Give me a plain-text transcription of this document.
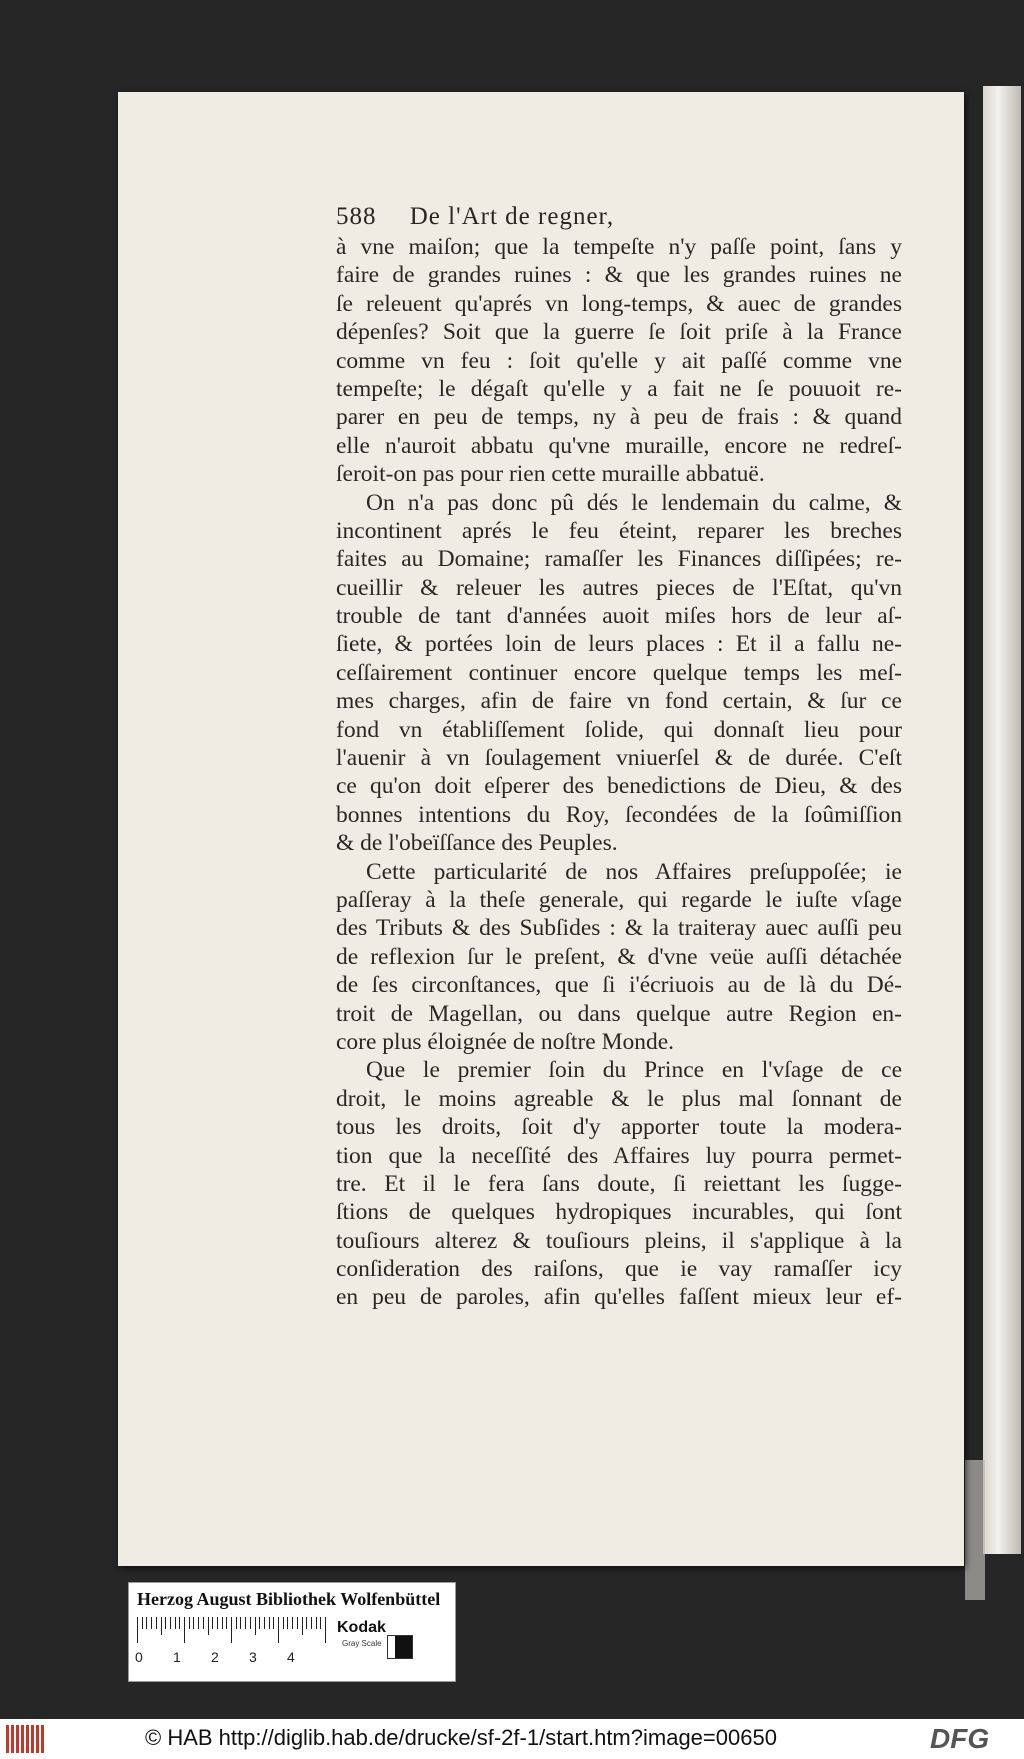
588 De l'Art de regner,
à vne maiſon; que la tempeſte n'y paſſe point, ſans y
faire de grandes ruines : & que les grandes ruines ne
ſe releuent qu'aprés vn long-temps, & auec de grandes
dépenſes? Soit que la guerre ſe ſoit priſe à la France
comme vn feu : ſoit qu'elle y ait paſſé comme vne
tempeſte; le dégaſt qu'elle y a fait ne ſe pouuoit re-
parer en peu de temps, ny à peu de frais : & quand
elle n'auroit abbatu qu'vne muraille, encore ne redreſ-
ſeroit-on pas pour rien cette muraille abbatuë.
On n'a pas donc pû dés le lendemain du calme, &
incontinent aprés le feu éteint, reparer les breches
faites au Domaine; ramaſſer les Finances diſſipées; re-
cueillir & releuer les autres pieces de l'Eſtat, qu'vn
trouble de tant d'années auoit miſes hors de leur aſ-
ſiete, & portées loin de leurs places : Et il a fallu ne-
ceſſairement continuer encore quelque temps les meſ-
mes charges, afin de faire vn fond certain, & ſur ce
fond vn établiſſement ſolide, qui donnaſt lieu pour
l'auenir à vn ſoulagement vniuerſel & de durée. C'eſt
ce qu'on doit eſperer des benedictions de Dieu, & des
bonnes intentions du Roy, ſecondées de la ſoûmiſſion
& de l'obeïſſance des Peuples.
Cette particularité de nos Affaires preſuppoſée; ie
paſſeray à la theſe generale, qui regarde le iuſte vſage
des Tributs & des Subſides : & la traiteray auec auſſi peu
de reflexion ſur le preſent, & d'vne veüe auſſi détachée
de ſes circonſtances, que ſi i'écriuois au de là du Dé-
troit de Magellan, ou dans quelque autre Region en-
core plus éloignée de noſtre Monde.
Que le premier ſoin du Prince en l'vſage de ce
droit, le moins agreable & le plus mal ſonnant de
tous les droits, ſoit d'y apporter toute la modera-
tion que la neceſſité des Affaires luy pourra permet-
tre. Et il le fera ſans doute, ſi reiettant les ſugge-
ſtions de quelques hydropiques incurables, qui ſont
touſiours alterez & touſiours pleins, il s'applique à la
conſideration des raiſons, que ie vay ramaſſer icy
en peu de paroles, afin qu'elles faſſent mieux leur ef-
Herzog August Bibliothek Wolfenbüttel
0 1 2 3 4
Kodak
Gray Scale
© HAB http://diglib.hab.de/drucke/sf-2f-1/start.htm?image=00650	DFG
